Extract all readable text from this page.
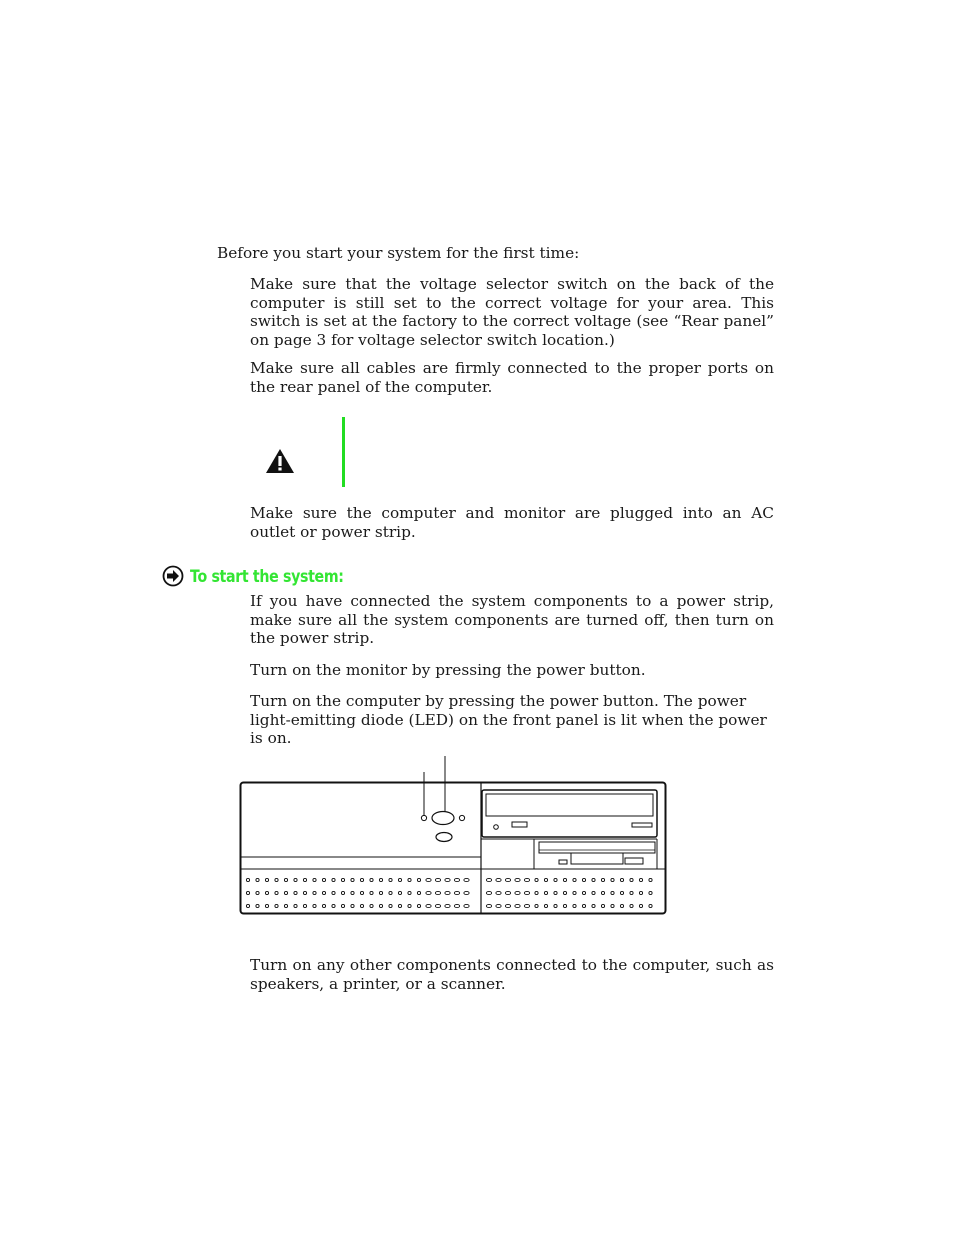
Before you start your system for the first time:

Make sure that the voltage selector switch on the back of the computer is still set to the correct voltage for your area. This switch is set at the factory to the correct voltage (see “Rear panel” on page 3 for voltage selector switch location.)

Make sure all cables are firmly connected to the proper ports on the rear panel of the computer.

Make sure the computer and monitor are plugged into an AC outlet or power strip.

To start the system:

If you have connected the system components to a power strip, make sure all the system components are turned off, then turn on the power strip.

Turn on the monitor by pressing the power button.

Turn on the computer by pressing the power button. The power light-emitting diode (LED) on the front panel is lit when the power is on.

Turn on any other components connected to the computer, such as speakers, a printer, or a scanner.
